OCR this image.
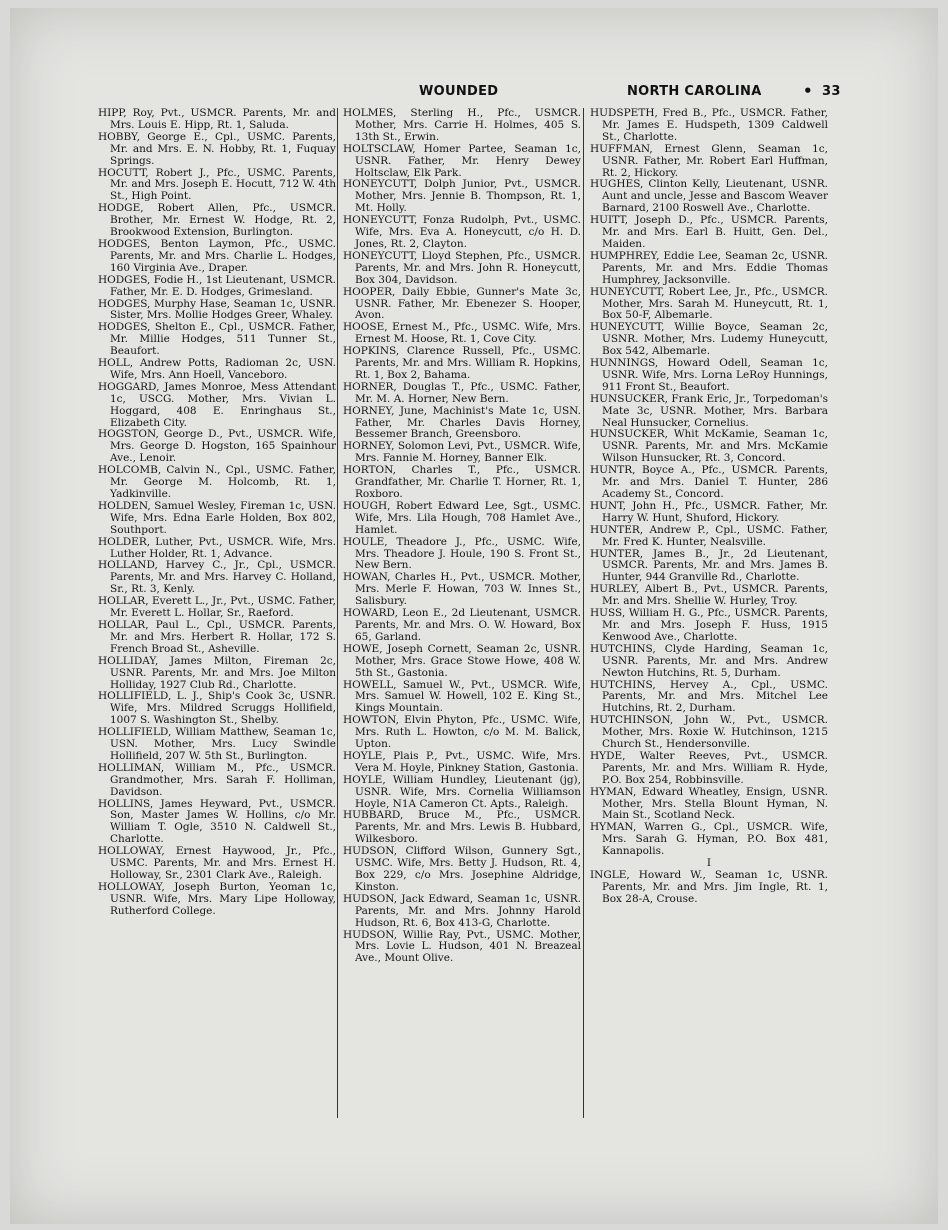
WOUNDED	NORTH CAROLINA	• 33

HIPP, Roy, Pvt., USMCR. Parents, Mr. and Mrs. Louis E. Hipp, Rt. 1, Saluda.

HOBBY, George E., Cpl., USMC. Parents, Mr. and Mrs. E. N. Hobby, Rt. 1, Fuquay Springs.

HOCUTT, Robert J., Pfc., USMC. Parents, Mr. and Mrs. Joseph E. Hocutt, 712 W. 4th St., High Point.

HODGE, Robert Allen, Pfc., USMCR. Brother, Mr. Ernest W. Hodge, Rt. 2, Brookwood Extension, Burlington.

HODGES, Benton Laymon, Pfc., USMC. Parents, Mr. and Mrs. Charlie L. Hodges, 160 Virginia Ave., Draper.

HODGES, Fodie H., 1st Lieutenant, USMCR. Father, Mr. E. D. Hodges, Grimesland.

HODGES, Murphy Hase, Seaman 1c, USNR. Sister, Mrs. Mollie Hodges Greer, Whaley.

HODGES, Shelton E., Cpl., USMCR. Father, Mr. Millie Hodges, 511 Tunner St., Beaufort.

HOLL, Andrew Potts, Radioman 2c, USN. Wife, Mrs. Ann Hoell, Vanceboro.

HOGGARD, James Monroe, Mess Attendant 1c, USCG. Mother, Mrs. Vivian L. Hoggard, 408 E. Enringhaus St., Elizabeth City.

HOGSTON, George D., Pvt., USMCR. Wife, Mrs. George D. Hogston, 165 Spainhour Ave., Lenoir.

HOLCOMB, Calvin N., Cpl., USMC. Father, Mr. George M. Holcomb, Rt. 1, Yadkinville.

HOLDEN, Samuel Wesley, Fireman 1c, USN. Wife, Mrs. Edna Earle Holden, Box 802, Southport.

HOLDER, Luther, Pvt., USMCR. Wife, Mrs. Luther Holder, Rt. 1, Advance.

HOLLAND, Harvey C., Jr., Cpl., USMCR. Parents, Mr. and Mrs. Harvey C. Holland, Sr., Rt. 3, Kenly.

HOLLAR, Everett L., Jr., Pvt., USMC. Father, Mr. Everett L. Hollar, Sr., Raeford.

HOLLAR, Paul L., Cpl., USMCR. Parents, Mr. and Mrs. Herbert R. Hollar, 172 S. French Broad St., Asheville.

HOLLIDAY, James Milton, Fireman 2c, USNR. Parents, Mr. and Mrs. Joe Milton Holliday, 1927 Club Rd., Charlotte.

HOLLIFIELD, L. J., Ship's Cook 3c, USNR. Wife, Mrs. Mildred Scruggs Hollifield, 1007 S. Washington St., Shelby.

HOLLIFIELD, William Matthew, Seaman 1c, USN. Mother, Mrs. Lucy Swindle Hollifield, 207 W. 5th St., Burlington.

HOLLIMAN, William M., Pfc., USMCR. Grandmother, Mrs. Sarah F. Holliman, Davidson.

HOLLINS, James Heyward, Pvt., USMCR. Son, Master James W. Hollins, c/o Mr. William T. Ogle, 3510 N. Caldwell St., Charlotte.

HOLLOWAY, Ernest Haywood, Jr., Pfc., USMC. Parents, Mr. and Mrs. Ernest H. Holloway, Sr., 2301 Clark Ave., Raleigh.

HOLLOWAY, Joseph Burton, Yeoman 1c, USNR. Wife, Mrs. Mary Lipe Holloway, Rutherford College.

HOLMES, Sterling H., Pfc., USMCR. Mother, Mrs. Carrie H. Holmes, 405 S. 13th St., Erwin.

HOLTSCLAW, Homer Partee, Seaman 1c, USNR. Father, Mr. Henry Dewey Holtsclaw, Elk Park.

HONEYCUTT, Dolph Junior, Pvt., USMCR. Mother, Mrs. Jennie B. Thompson, Rt. 1, Mt. Holly.

HONEYCUTT, Fonza Rudolph, Pvt., USMC. Wife, Mrs. Eva A. Honeycutt, c/o H. D. Jones, Rt. 2, Clayton.

HONEYCUTT, Lloyd Stephen, Pfc., USMCR. Parents, Mr. and Mrs. John R. Honeycutt, Box 304, Davidson.

HOOPER, Daily Ebbie, Gunner's Mate 3c, USNR. Father, Mr. Ebenezer S. Hooper, Avon.

HOOSE, Ernest M., Pfc., USMC. Wife, Mrs. Ernest M. Hoose, Rt. 1, Cove City.

HOPKINS, Clarence Russell, Pfc., USMC. Parents, Mr. and Mrs. William R. Hopkins, Rt. 1, Box 2, Bahama.

HORNER, Douglas T., Pfc., USMC. Father, Mr. M. A. Horner, New Bern.

HORNEY, June, Machinist's Mate 1c, USN. Father, Mr. Charles Davis Horney, Bessemer Branch, Greensboro.

HORNEY, Solomon Levi, Pvt., USMCR. Wife, Mrs. Fannie M. Horney, Banner Elk.

HORTON, Charles T., Pfc., USMCR. Grandfather, Mr. Charlie T. Horner, Rt. 1, Roxboro.

HOUGH, Robert Edward Lee, Sgt., USMC. Wife, Mrs. Lila Hough, 708 Hamlet Ave., Hamlet.

HOULE, Theadore J., Pfc., USMC. Wife, Mrs. Theadore J. Houle, 190 S. Front St., New Bern.

HOWAN, Charles H., Pvt., USMCR. Mother, Mrs. Merle F. Howan, 703 W. Innes St., Salisbury.

HOWARD, Leon E., 2d Lieutenant, USMCR. Parents, Mr. and Mrs. O. W. Howard, Box 65, Garland.

HOWE, Joseph Cornett, Seaman 2c, USNR. Mother, Mrs. Grace Stowe Howe, 408 W. 5th St., Gastonia.

HOWELL, Samuel W., Pvt., USMCR. Wife, Mrs. Samuel W. Howell, 102 E. King St., Kings Mountain.

HOWTON, Elvin Phyton, Pfc., USMC. Wife, Mrs. Ruth L. Howton, c/o M. M. Balick, Upton.

HOYLE, Plais P., Pvt., USMC. Wife, Mrs. Vera M. Hoyle, Pinkney Station, Gastonia.

HOYLE, William Hundley, Lieutenant (jg), USNR. Wife, Mrs. Cornelia Williamson Hoyle, N1A Cameron Ct. Apts., Raleigh.

HUBBARD, Bruce M., Pfc., USMCR. Parents, Mr. and Mrs. Lewis B. Hubbard, Wilkesboro.

HUDSON, Clifford Wilson, Gunnery Sgt., USMC. Wife, Mrs. Betty J. Hudson, Rt. 4, Box 229, c/o Mrs. Josephine Aldridge, Kinston.

HUDSON, Jack Edward, Seaman 1c, USNR. Parents, Mr. and Mrs. Johnny Harold Hudson, Rt. 6, Box 413-G, Charlotte.

HUDSON, Willie Ray, Pvt., USMC. Mother, Mrs. Lovie L. Hudson, 401 N. Breazeal Ave., Mount Olive.

HUDSPETH, Fred B., Pfc., USMCR. Father, Mr. James E. Hudspeth, 1309 Caldwell St., Charlotte.

HUFFMAN, Ernest Glenn, Seaman 1c, USNR. Father, Mr. Robert Earl Huffman, Rt. 2, Hickory.

HUGHES, Clinton Kelly, Lieutenant, USNR. Aunt and uncle, Jesse and Bascom Weaver Barnard, 2100 Roswell Ave., Charlotte.

HUITT, Joseph D., Pfc., USMCR. Parents, Mr. and Mrs. Earl B. Huitt, Gen. Del., Maiden.

HUMPHREY, Eddie Lee, Seaman 2c, USNR. Parents, Mr. and Mrs. Eddie Thomas Humphrey, Jacksonville.

HUNEYCUTT, Robert Lee, Jr., Pfc., USMCR. Mother, Mrs. Sarah M. Huneycutt, Rt. 1, Box 50-F, Albemarle.

HUNEYCUTT, Willie Boyce, Seaman 2c, USNR. Mother, Mrs. Ludemy Huneycutt, Box 542, Albemarle.

HUNNINGS, Howard Odell, Seaman 1c, USNR. Wife, Mrs. Lorna LeRoy Hunnings, 911 Front St., Beaufort.

HUNSUCKER, Frank Eric, Jr., Torpedoman's Mate 3c, USNR. Mother, Mrs. Barbara Neal Hunsucker, Cornelius.

HUNSUCKER, Whit McKamie, Seaman 1c, USNR. Parents, Mr. and Mrs. McKamie Wilson Hunsucker, Rt. 3, Concord.

HUNTR, Boyce A., Pfc., USMCR. Parents, Mr. and Mrs. Daniel T. Hunter, 286 Academy St., Concord.

HUNT, John H., Pfc., USMCR. Father, Mr. Harry W. Hunt, Shuford, Hickory.

HUNTER, Andrew P., Cpl., USMC. Father, Mr. Fred K. Hunter, Nealsville.

HUNTER, James B., Jr., 2d Lieutenant, USMCR. Parents, Mr. and Mrs. James B. Hunter, 944 Granville Rd., Charlotte.

HURLEY, Albert B., Pvt., USMCR. Parents, Mr. and Mrs. Shellie W. Hurley, Troy.

HUSS, William H. G., Pfc., USMCR. Parents, Mr. and Mrs. Joseph F. Huss, 1915 Kenwood Ave., Charlotte.

HUTCHINS, Clyde Harding, Seaman 1c, USNR. Parents, Mr. and Mrs. Andrew Newton Hutchins, Rt. 5, Durham.

HUTCHINS, Hervey A., Cpl., USMC. Parents, Mr. and Mrs. Mitchel Lee Hutchins, Rt. 2, Durham.

HUTCHINSON, John W., Pvt., USMCR. Mother, Mrs. Roxie W. Hutchinson, 1215 Church St., Hendersonville.

HYDE, Walter Reeves, Pvt., USMCR. Parents, Mr. and Mrs. William R. Hyde, P.O. Box 254, Robbinsville.

HYMAN, Edward Wheatley, Ensign, USNR. Mother, Mrs. Stella Blount Hyman, N. Main St., Scotland Neck.

HYMAN, Warren G., Cpl., USMCR. Wife, Mrs. Sarah G. Hyman, P.O. Box 481, Kannapolis.

I

INGLE, Howard W., Seaman 1c, USNR. Parents, Mr. and Mrs. Jim Ingle, Rt. 1, Box 28-A, Crouse.
